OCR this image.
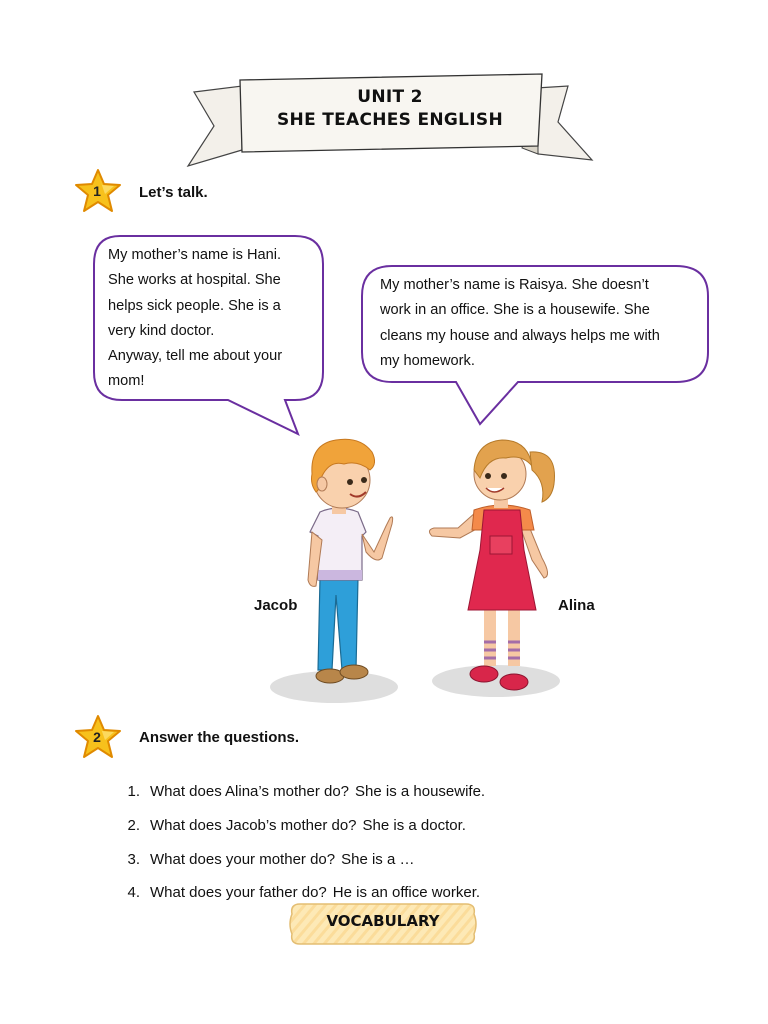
UNIT 2
SHE TEACHES ENGLISH
1	Let’s talk.
My mother’s name is Hani.
She works at hospital. She
helps sick people. She is a
very kind doctor.
Anyway, tell me about your
mom!
My mother’s name is Raisya. She doesn’t
work in an office. She is a housewife. She
cleans my house and always helps me with
my homework.
Jacob	Alina
2	Answer the questions.
1. What does Alina’s mother do? She is a housewife.
2. What does Jacob’s mother do? She is a doctor.
3. What does your mother do? She is a …
4. What does your father do? He is an office worker.
VOCABULARY
